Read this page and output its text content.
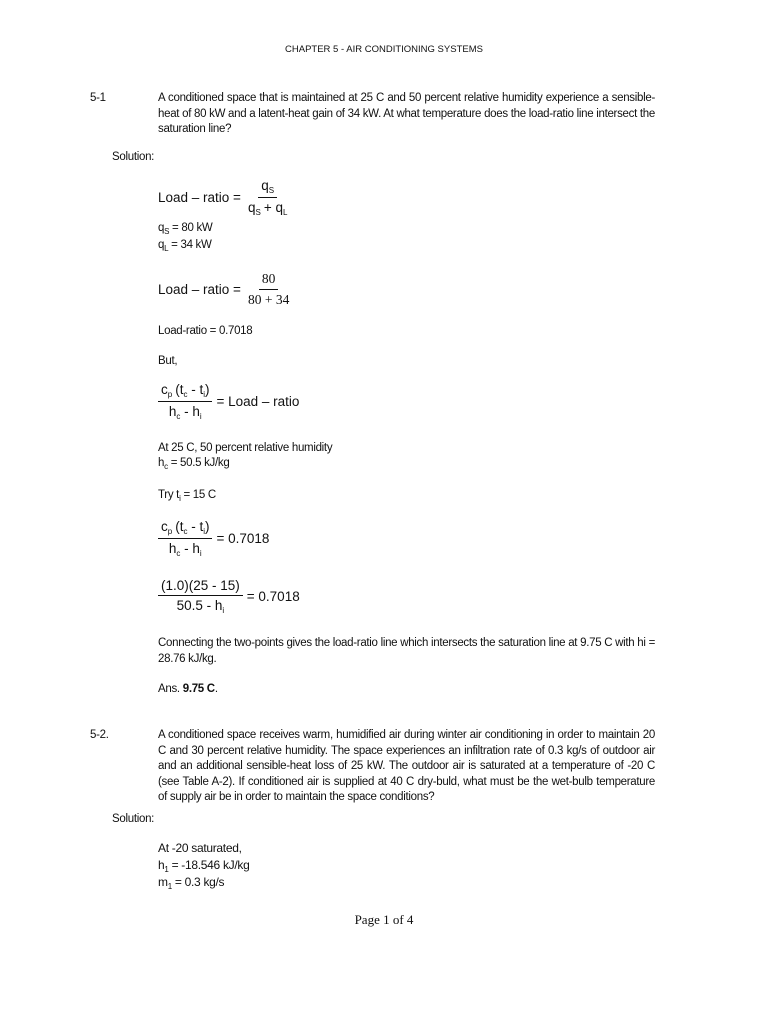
CHAPTER 5 - AIR CONDITIONING SYSTEMS
5-1	A conditioned space that is maintained at 25 C and 50 percent relative humidity experience a sensible-heat of 80 kW and a latent-heat gain of 34 kW. At what temperature does the load-ratio line intersect the saturation line?
Solution:
Load – ratio = $\frac{q_S}{q_S + q_L}$
$q_S = 80$ kW
$q_L = 34$ kW
Load – ratio = $\frac{80}{80 + 34}$
Load-ratio = 0.7018
But,
$\frac{c_p (t_c - t_i)}{h_c - h_i}$ = Load – ratio
At 25 C, 50 percent relative humidity
$h_c = 50.5$ kJ/kg
Try $t_i = 15$ C
$\frac{c_p (t_c - t_i)}{h_c - h_i} = 0.7018$
$\frac{(1.0)(25 - 15)}{50.5 - h_i} = 0.7018$
Connecting the two-points gives the load-ratio line which intersects the saturation line at 9.75 C with hi = 28.76 kJ/kg.
Ans. 9.75 C.
5-2.	A conditioned space receives warm, humidified air during winter air conditioning in order to maintain 20 C and 30 percent relative humidity. The space experiences an infiltration rate of 0.3 kg/s of outdoor air and an additional sensible-heat loss of 25 kW. The outdoor air is saturated at a temperature of -20 C (see Table A-2). If conditioned air is supplied at 40 C dry-buld, what must be the wet-bulb temperature of supply air be in order to maintain the space conditions?
Solution:
At -20 saturated,
$h_1 = -18.546$ kJ/kg
$m_1 = 0.3$ kg/s
Page 1 of 4
